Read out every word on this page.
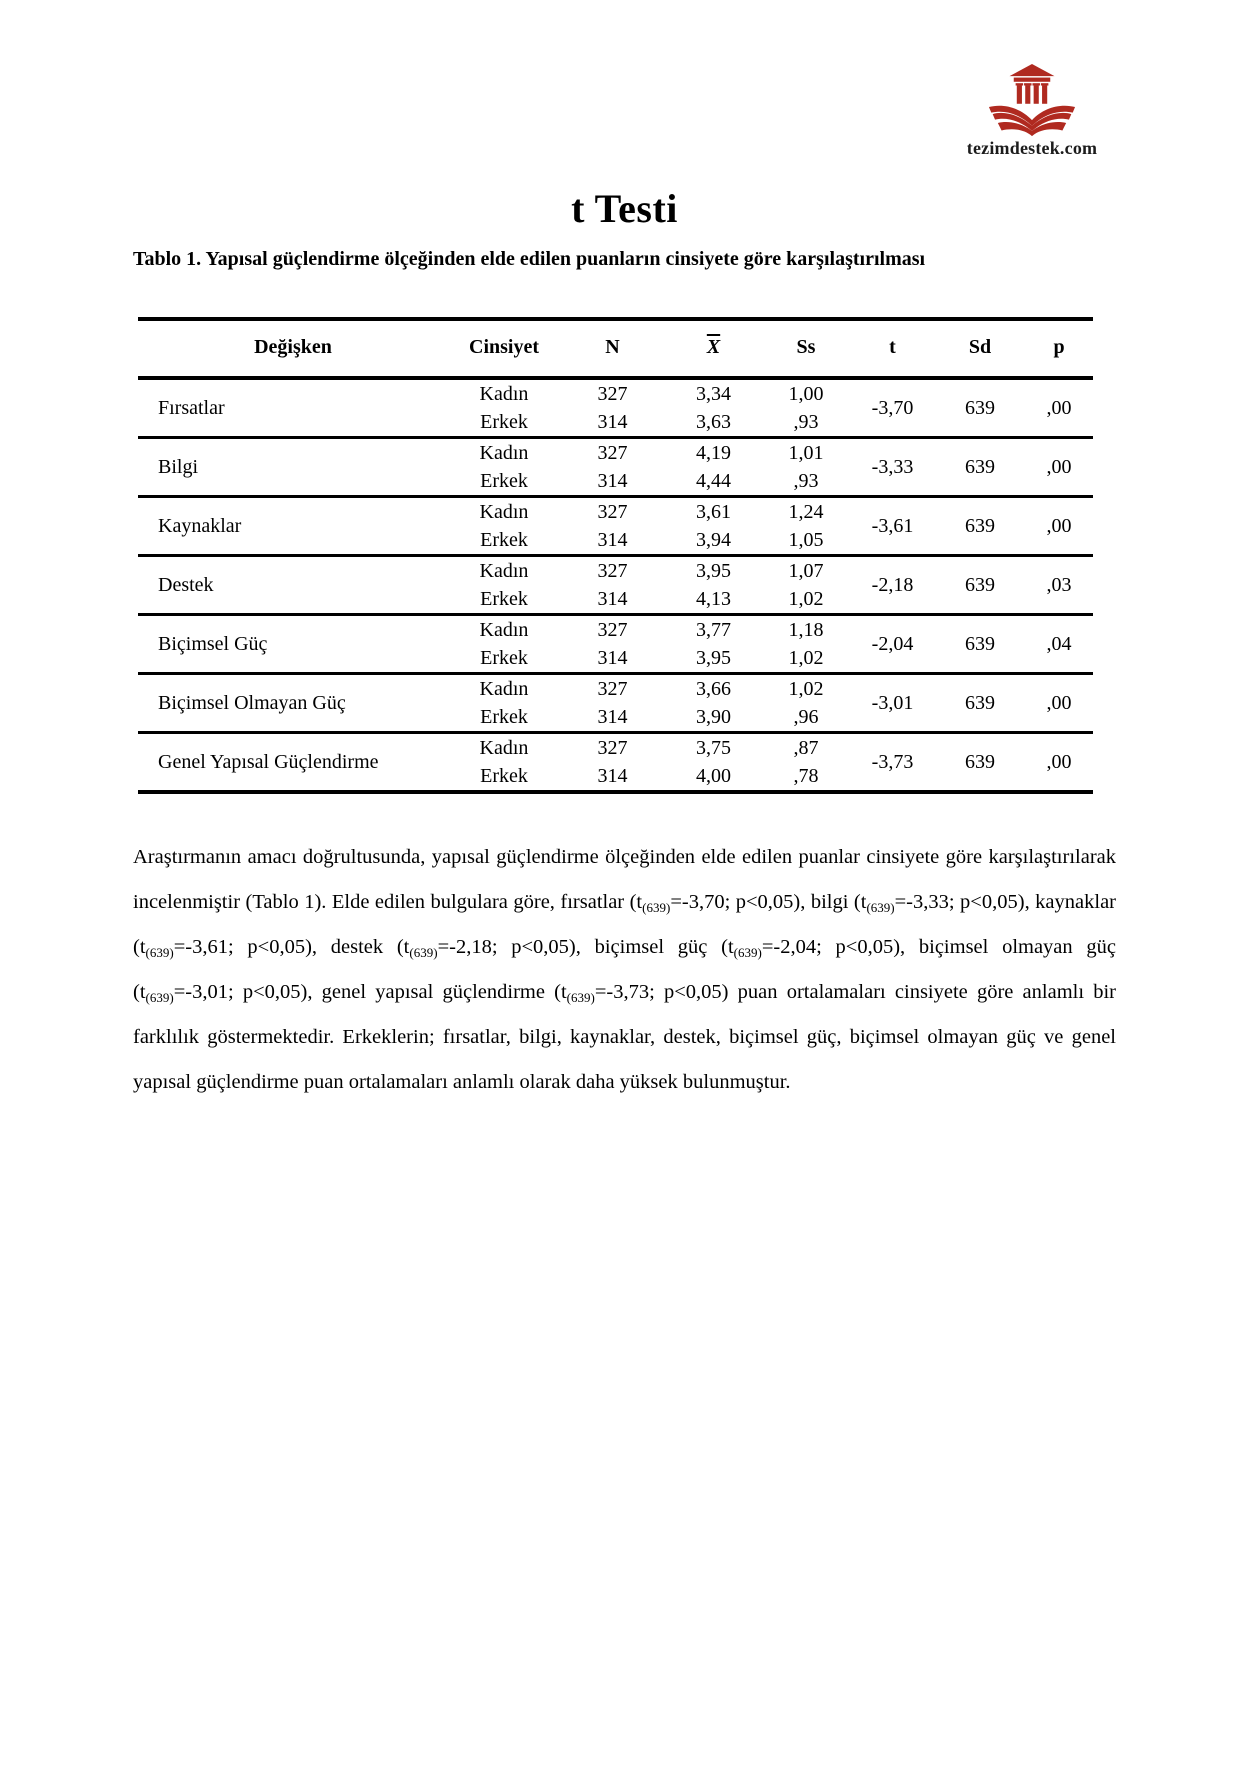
tezimdestek.com
t Testi
Tablo 1. Yapısal güçlendirme ölçeğinden elde edilen puanların cinsiyete göre karşılaştırılması
Değişken	Cinsiyet	N	$\overline{X}$	Ss	t	Sd	p
Fırsatlar	Kadın	327	3,34	1,00	-3,70	639	,00
	Erkek	314	3,63	,93			
Bilgi	Kadın	327	4,19	1,01	-3,33	639	,00
	Erkek	314	4,44	,93			
Kaynaklar	Kadın	327	3,61	1,24	-3,61	639	,00
	Erkek	314	3,94	1,05			
Destek	Kadın	327	3,95	1,07	-2,18	639	,03
	Erkek	314	4,13	1,02			
Biçimsel Güç	Kadın	327	3,77	1,18	-2,04	639	,04
	Erkek	314	3,95	1,02			
Biçimsel Olmayan Güç	Kadın	327	3,66	1,02	-3,01	639	,00
	Erkek	314	3,90	,96			
Genel Yapısal Güçlendirme	Kadın	327	3,75	,87	-3,73	639	,00
	Erkek	314	4,00	,78			

Araştırmanın amacı doğrultusunda, yapısal güçlendirme ölçeğinden elde edilen puanlar cinsiyete göre karşılaştırılarak incelenmiştir (Tablo 1). Elde edilen bulgulara göre, fırsatlar ($t_{(639)}=-3,70$; p<0,05), bilgi ($t_{(639)}=-3,33$; p<0,05), kaynaklar ($t_{(639)}=-3,61$; p<0,05), destek ($t_{(639)}=-2,18$; p<0,05), biçimsel güç ($t_{(639)}=-2,04$; p<0,05), biçimsel olmayan güç ($t_{(639)}=-3,01$; p<0,05), genel yapısal güçlendirme ($t_{(639)}=-3,73$; p<0,05) puan ortalamaları cinsiyete göre anlamlı bir farklılık göstermektedir. Erkeklerin; fırsatlar, bilgi, kaynaklar, destek, biçimsel güç, biçimsel olmayan güç ve genel yapısal güçlendirme puan ortalamaları anlamlı olarak daha yüksek bulunmuştur.
